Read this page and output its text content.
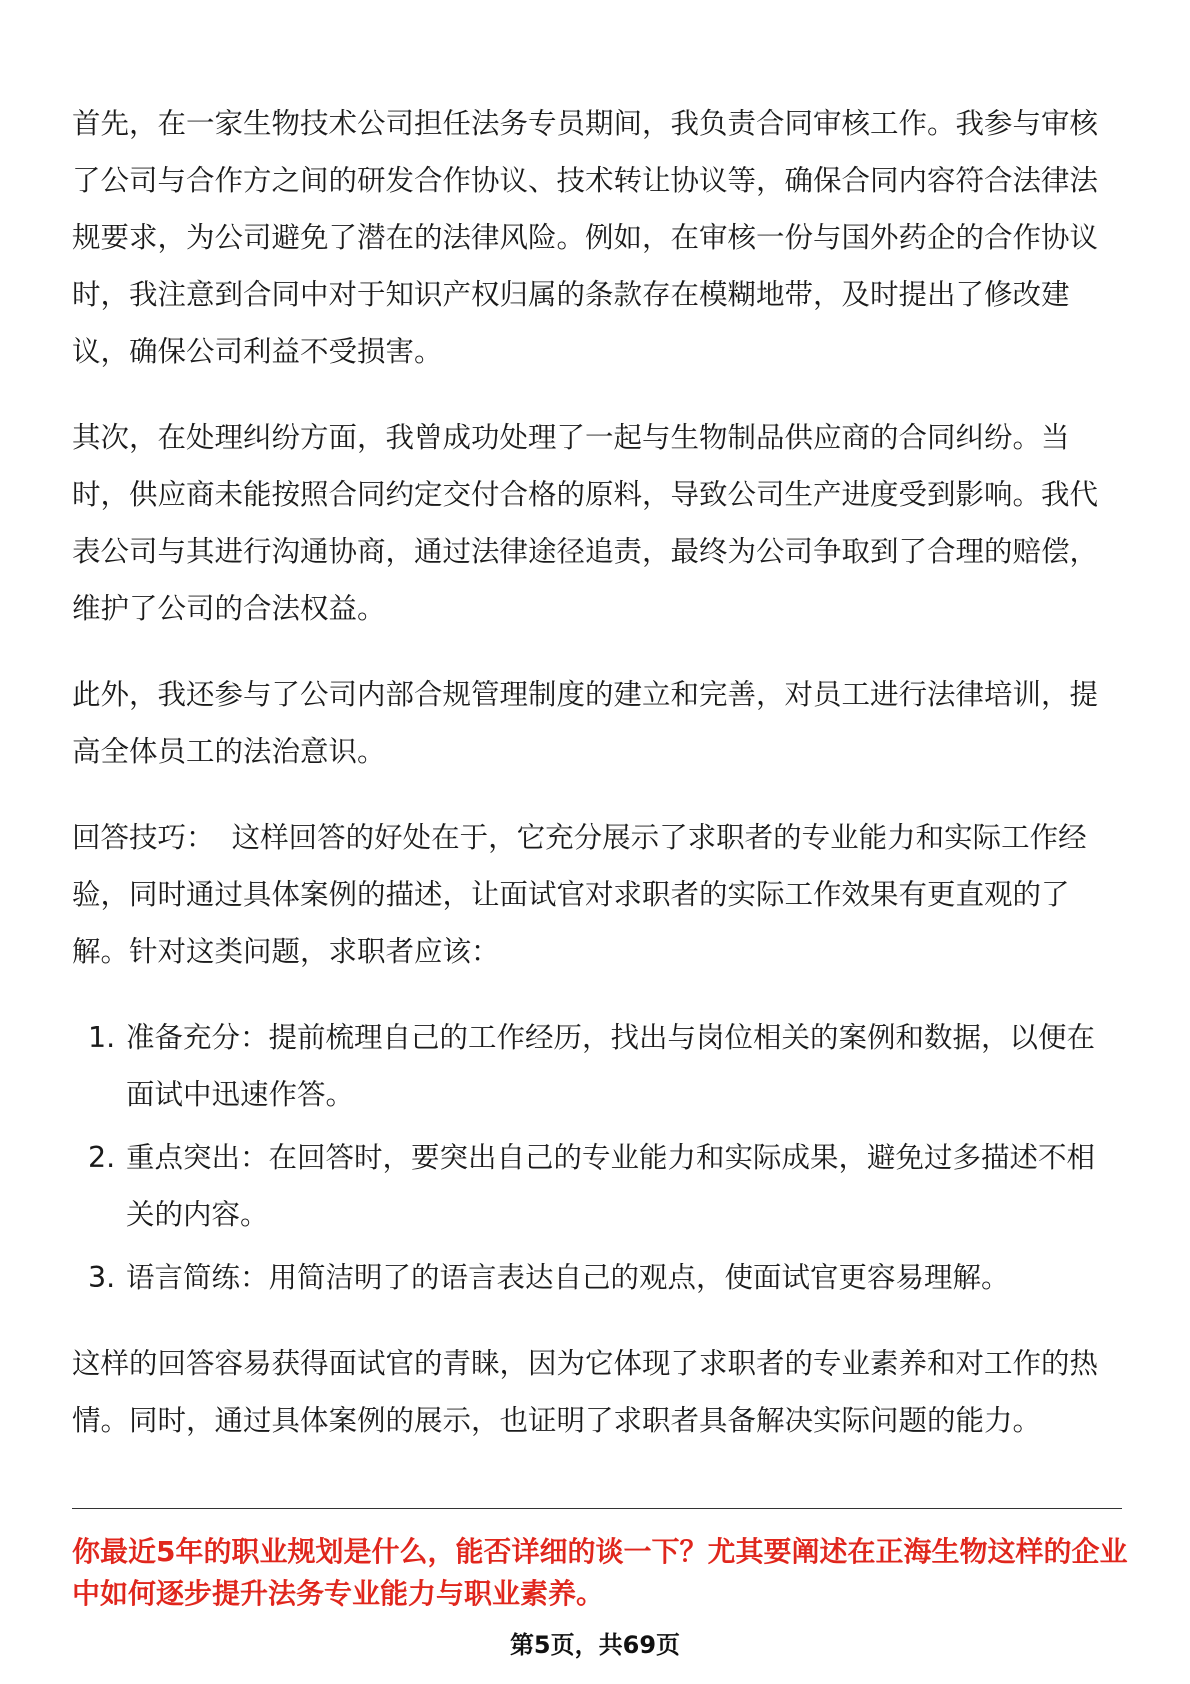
首先，在一家生物技术公司担任法务专员期间，我负责合同审核工作。我参与审核了公司与合作方之间的研发合作协议、技术转让协议等，确保合同内容符合法律法规要求，为公司避免了潜在的法律风险。例如，在审核一份与国外药企的合作协议时，我注意到合同中对于知识产权归属的条款存在模糊地带，及时提出了修改建议，确保公司利益不受损害。

其次，在处理纠纷方面，我曾成功处理了一起与生物制品供应商的合同纠纷。当时，供应商未能按照合同约定交付合格的原料，导致公司生产进度受到影响。我代表公司与其进行沟通协商，通过法律途径追责，最终为公司争取到了合理的赔偿，维护了公司的合法权益。

此外，我还参与了公司内部合规管理制度的建立和完善，对员工进行法律培训，提高全体员工的法治意识。

回答技巧： 这样回答的好处在于，它充分展示了求职者的专业能力和实际工作经验，同时通过具体案例的描述，让面试官对求职者的实际工作效果有更直观的了解。针对这类问题，求职者应该：

1. 准备充分：提前梳理自己的工作经历，找出与岗位相关的案例和数据，以便在面试中迅速作答。
2. 重点突出：在回答时，要突出自己的专业能力和实际成果，避免过多描述不相关的内容。
3. 语言简练：用简洁明了的语言表达自己的观点，使面试官更容易理解。

这样的回答容易获得面试官的青睐，因为它体现了求职者的专业素养和对工作的热情。同时，通过具体案例的展示，也证明了求职者具备解决实际问题的能力。

你最近5年的职业规划是什么，能否详细的谈一下？尤其要阐述在正海生物这样的企业中如何逐步提升法务专业能力与职业素养。
第5页，共69页
